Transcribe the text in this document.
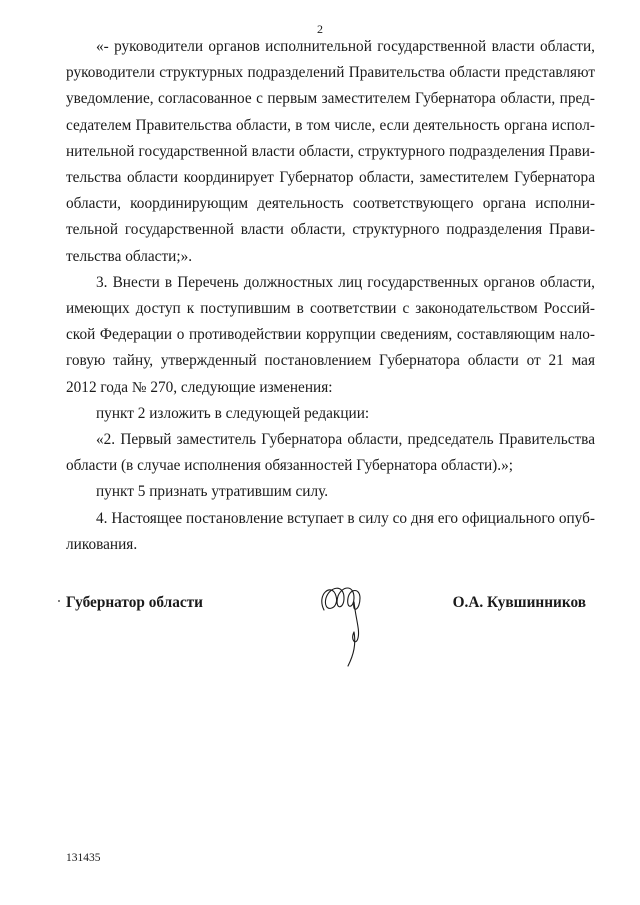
2

«- руководители органов исполнительной государственной власти области, руководители структурных подразделений Правительства области представляют уведомление, согласованное с первым заместителем Губернатора области, председателем Правительства области, в том числе, если деятельность органа исполнительной государственной власти области, структурного подразделения Правительства области координирует Губернатор области, заместителем Губернатора области, координирующим деятельность соответствующего органа исполнительной государственной власти области, структурного подразделения Правительства области;».

3. Внести в Перечень должностных лиц государственных органов области, имеющих доступ к поступившим в соответствии с законодательством Российской Федерации о противодействии коррупции сведениям, составляющим налоговую тайну, утвержденный постановлением Губернатора области от 21 мая 2012 года № 270, следующие изменения:

пункт 2 изложить в следующей редакции:

«2. Первый заместитель Губернатора области, председатель Правительства области (в случае исполнения обязанностей Губернатора области).»;

пункт 5 признать утратившим силу.

4. Настоящее постановление вступает в силу со дня его официального опубликования.

Губернатор области	О.А. Кувшинников
131435
